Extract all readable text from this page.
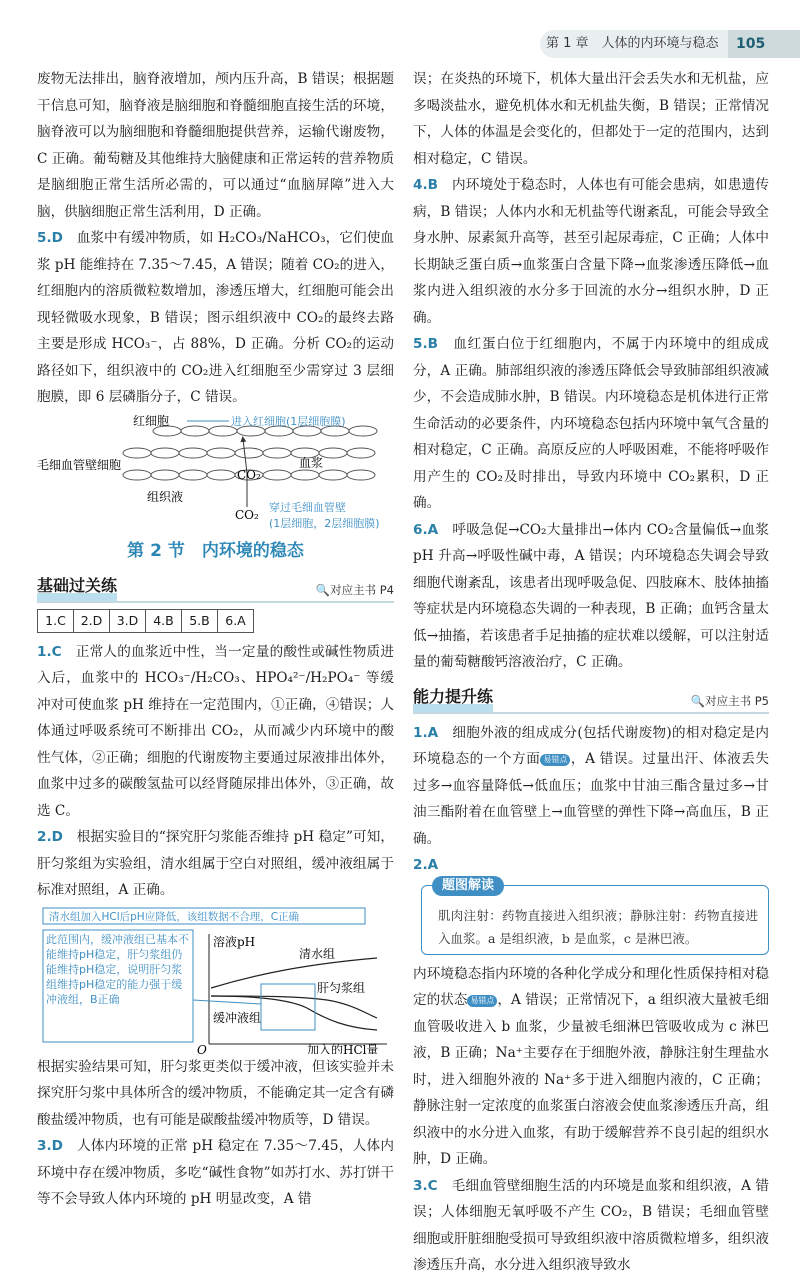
第 1 章　人体的内环境与稳态	105

废物无法排出，脑脊液增加，颅内压升高，B 错误；根据题干信息可知，脑脊液是脑细胞和脊髓细胞直接生活的环境，脑脊液可以为脑细胞和脊髓细胞提供营养，运输代谢废物，C 正确。葡萄糖及其他维持大脑健康和正常运转的营养物质是脑细胞正常生活所必需的，可以通过“血脑屏障”进入大脑，供脑细胞正常生活利用，D 正确。

5.D　 血浆中有缓冲物质，如 H₂CO₃/NaHCO₃，它们使血浆 pH 能维持在 7.35～7.45，A 错误；随着 CO₂的进入，红细胞内的溶质微粒数增加，渗透压增大，红细胞可能会出现轻微吸水现象，B 错误；图示组织液中 CO₂的最终去路主要是形成 HCO₃⁻，占 88%，D 正确。分析 CO₂的运动路径如下，组织液中的 CO₂进入红细胞至少需穿过 3 层细胞膜，即 6 层磷脂分子，C 错误。

红细胞	进入红细胞(1层细胞膜)
毛细血管壁细胞
CO₂
血浆
组织液
CO₂
穿过毛细血管壁
(1层细胞，2层细胞膜)
第 2 节　内环境的稳态
基础过关练	🔍对应主书 P4
1.C	2.D	3.D	4.B	5.B	6.A

1.C　 正常人的血浆近中性，当一定量的酸性或碱性物质进入后，血浆中的 HCO₃⁻/H₂CO₃、HPO₄²⁻/H₂PO₄⁻ 等缓冲对可使血浆 pH 维持在一定范围内，①正确，④错误；人体通过呼吸系统可不断排出 CO₂，从而减少内环境中的酸性气体，②正确；细胞的代谢废物主要通过尿液排出体外，血浆中过多的碳酸氢盐可以经肾随尿排出体外，③正确，故选 C。

2.D　 根据实验目的“探究肝匀浆能否维持 pH 稳定”可知，肝匀浆组为实验组，清水组属于空白对照组，缓冲液组属于标准对照组，A 正确。

清水组加入HCl后pH应降低，该组数据不合理，C正确
此范围内，缓冲液组已基本不能维持pH稳定，肝匀浆组仍能维持pH稳定，说明肝匀浆组维持pH稳定的能力强于缓冲液组，B正确
溶液pH
清水组
肝匀浆组
缓冲液组
O	加入的HCl量

根据实验结果可知，肝匀浆更类似于缓冲液，但该实验并未探究肝匀浆中具体所含的缓冲物质，不能确定其一定含有磷酸盐缓冲物质，也有可能是碳酸盐缓冲物质等，D 错误。

3.D　 人体内环境的正常 pH 稳定在 7.35～7.45，人体内环境中存在缓冲物质，多吃“碱性食物”如苏打水、苏打饼干等不会导致人体内环境的 pH 明显改变，A 错

误；在炎热的环境下，机体大量出汗会丢失水和无机盐，应多喝淡盐水，避免机体水和无机盐失衡，B 错误；正常情况下，人体的体温是会变化的，但都处于一定的范围内，达到相对稳定，C 错误。

4.B　 内环境处于稳态时，人体也有可能会患病，如患遗传病，B 错误；人体内水和无机盐等代谢紊乱，可能会导致全身水肿、尿素氮升高等，甚至引起尿毒症，C 正确；人体中长期缺乏蛋白质→血浆蛋白含量下降→血浆渗透压降低→血浆内进入组织液的水分多于回流的水分→组织水肿，D 正确。

5.B　 血红蛋白位于红细胞内，不属于内环境中的组成成分，A 正确。肺部组织液的渗透压降低会导致肺部组织液减少，不会造成肺水肿，B 错误。内环境稳态是机体进行正常生命活动的必要条件，内环境稳态包括内环境中氧气含量的相对稳定，C 正确。高原反应的人呼吸困难，不能将呼吸作用产生的 CO₂及时排出，导致内环境中 CO₂累积，D 正确。

6.A　 呼吸急促→CO₂大量排出→体内 CO₂含量偏低→血浆 pH 升高→呼吸性碱中毒，A 错误；内环境稳态失调会导致细胞代谢紊乱，该患者出现呼吸急促、四肢麻木、肢体抽搐等症状是内环境稳态失调的一种表现，B 正确；血钙含量太低→抽搐，若该患者手足抽搐的症状难以缓解，可以注射适量的葡萄糖酸钙溶液治疗，C 正确。

能力提升练	🔍对应主书 P5

1.A　 细胞外液的组成成分(包括代谢废物)的相对稳定是内环境稳态的一个方面 易错点 ，A 错误。过量出汗、体液丢失过多→血容量降低→低血压；血浆中甘油三酯含量过多→甘油三酯附着在血管壁上→血管壁的弹性下降→高血压，B 正确。

2.A

题图解读

肌肉注射：药物直接进入组织液；静脉注射：药物直接进入血浆。a 是组织液，b 是血浆，c 是淋巴液。

内环境稳态指内环境的各种化学成分和理化性质保持相对稳定的状态 易错点 ，A 错误；正常情况下，a 组织液大量被毛细血管吸收进入 b 血浆，少量被毛细淋巴管吸收成为 c 淋巴液，B 正确；Na⁺主要存在于细胞外液，静脉注射生理盐水时，进入细胞外液的 Na⁺多于进入细胞内液的，C 正确；静脉注射一定浓度的血浆蛋白溶液会使血浆渗透压升高，组织液中的水分进入血浆，有助于缓解营养不良引起的组织水肿，D 正确。

3.C　 毛细血管壁细胞生活的内环境是血浆和组织液，A 错误；人体细胞无氧呼吸不产生 CO₂，B 错误；毛细血管壁细胞或肝脏细胞受损可导致组织液中溶质微粒增多，组织液渗透压升高，水分进入组织液导致水
